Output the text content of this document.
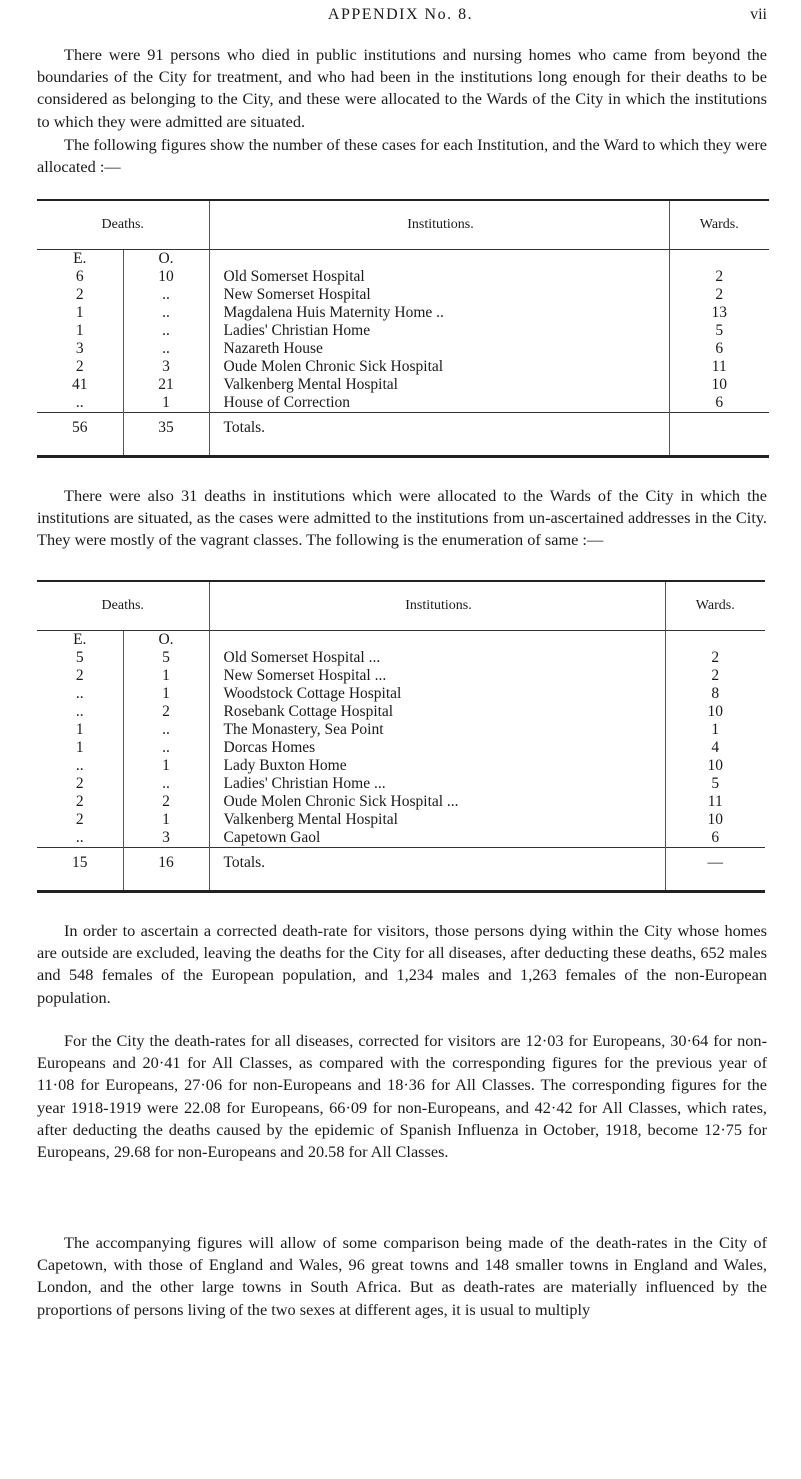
APPENDIX No. 8.	vii

There were 91 persons who died in public institutions and nursing homes who came from beyond the boundaries of the City for treatment, and who had been in the institutions long enough for their deaths to be considered as belonging to the City, and these were allocated to the Wards of the City in which the institutions to which they were admitted are situated.

The following figures show the number of these cases for each Institution, and the Ward to which they were allocated :—

Deaths.		Institutions.	Wards.
E.	O.		
6	10	Old Somerset Hospital	2
2	..	New Somerset Hospital	2
1	..	Magdalena Huis Maternity Home ..	13
1	..	Ladies' Christian Home	5
3	..	Nazareth House	6
2	3	Oude Molen Chronic Sick Hospital	11
41	21	Valkenberg Mental Hospital	10
..	1	House of Correction	6
56	35	Totals.	

There were also 31 deaths in institutions which were allocated to the Wards of the City in which the institutions are situated, as the cases were admitted to the institutions from un-ascertained addresses in the City. They were mostly of the vagrant classes. The following is the enumeration of same :—

Deaths.		Institutions.	Wards.
E.	O.		
5	5	Old Somerset Hospital ...	2
2	1	New Somerset Hospital ...	2
..	1	Woodstock Cottage Hospital	8
..	2	Rosebank Cottage Hospital	10
1	..	The Monastery, Sea Point	1
1	..	Dorcas Homes	4
..	1	Lady Buxton Home	10
2	..	Ladies' Christian Home ...	5
2	2	Oude Molen Chronic Sick Hospital ...	11
2	1	Valkenberg Mental Hospital	10
..	3	Capetown Gaol	6
15	16	Totals.	—

In order to ascertain a corrected death-rate for visitors, those persons dying within the City whose homes are outside are excluded, leaving the deaths for the City for all diseases, after deducting these deaths, 652 males and 548 females of the European population, and 1,234 males and 1,263 females of the non-European population.

For the City the death-rates for all diseases, corrected for visitors are 12·03 for Europeans, 30·64 for non-Europeans and 20·41 for All Classes, as compared with the corresponding figures for the previous year of 11·08 for Europeans, 27·06 for non-Europeans and 18·36 for All Classes. The corresponding figures for the year 1918-1919 were 22.08 for Europeans, 66·09 for non-Europeans, and 42·42 for All Classes, which rates, after deducting the deaths caused by the epidemic of Spanish Influenza in October, 1918, become 12·75 for Europeans, 29.68 for non-Europeans and 20.58 for All Classes.

The accompanying figures will allow of some comparison being made of the death-rates in the City of Capetown, with those of England and Wales, 96 great towns and 148 smaller towns in England and Wales, London, and the other large towns in South Africa. But as death-rates are materially influenced by the proportions of persons living of the two sexes at different ages, it is usual to multiply
